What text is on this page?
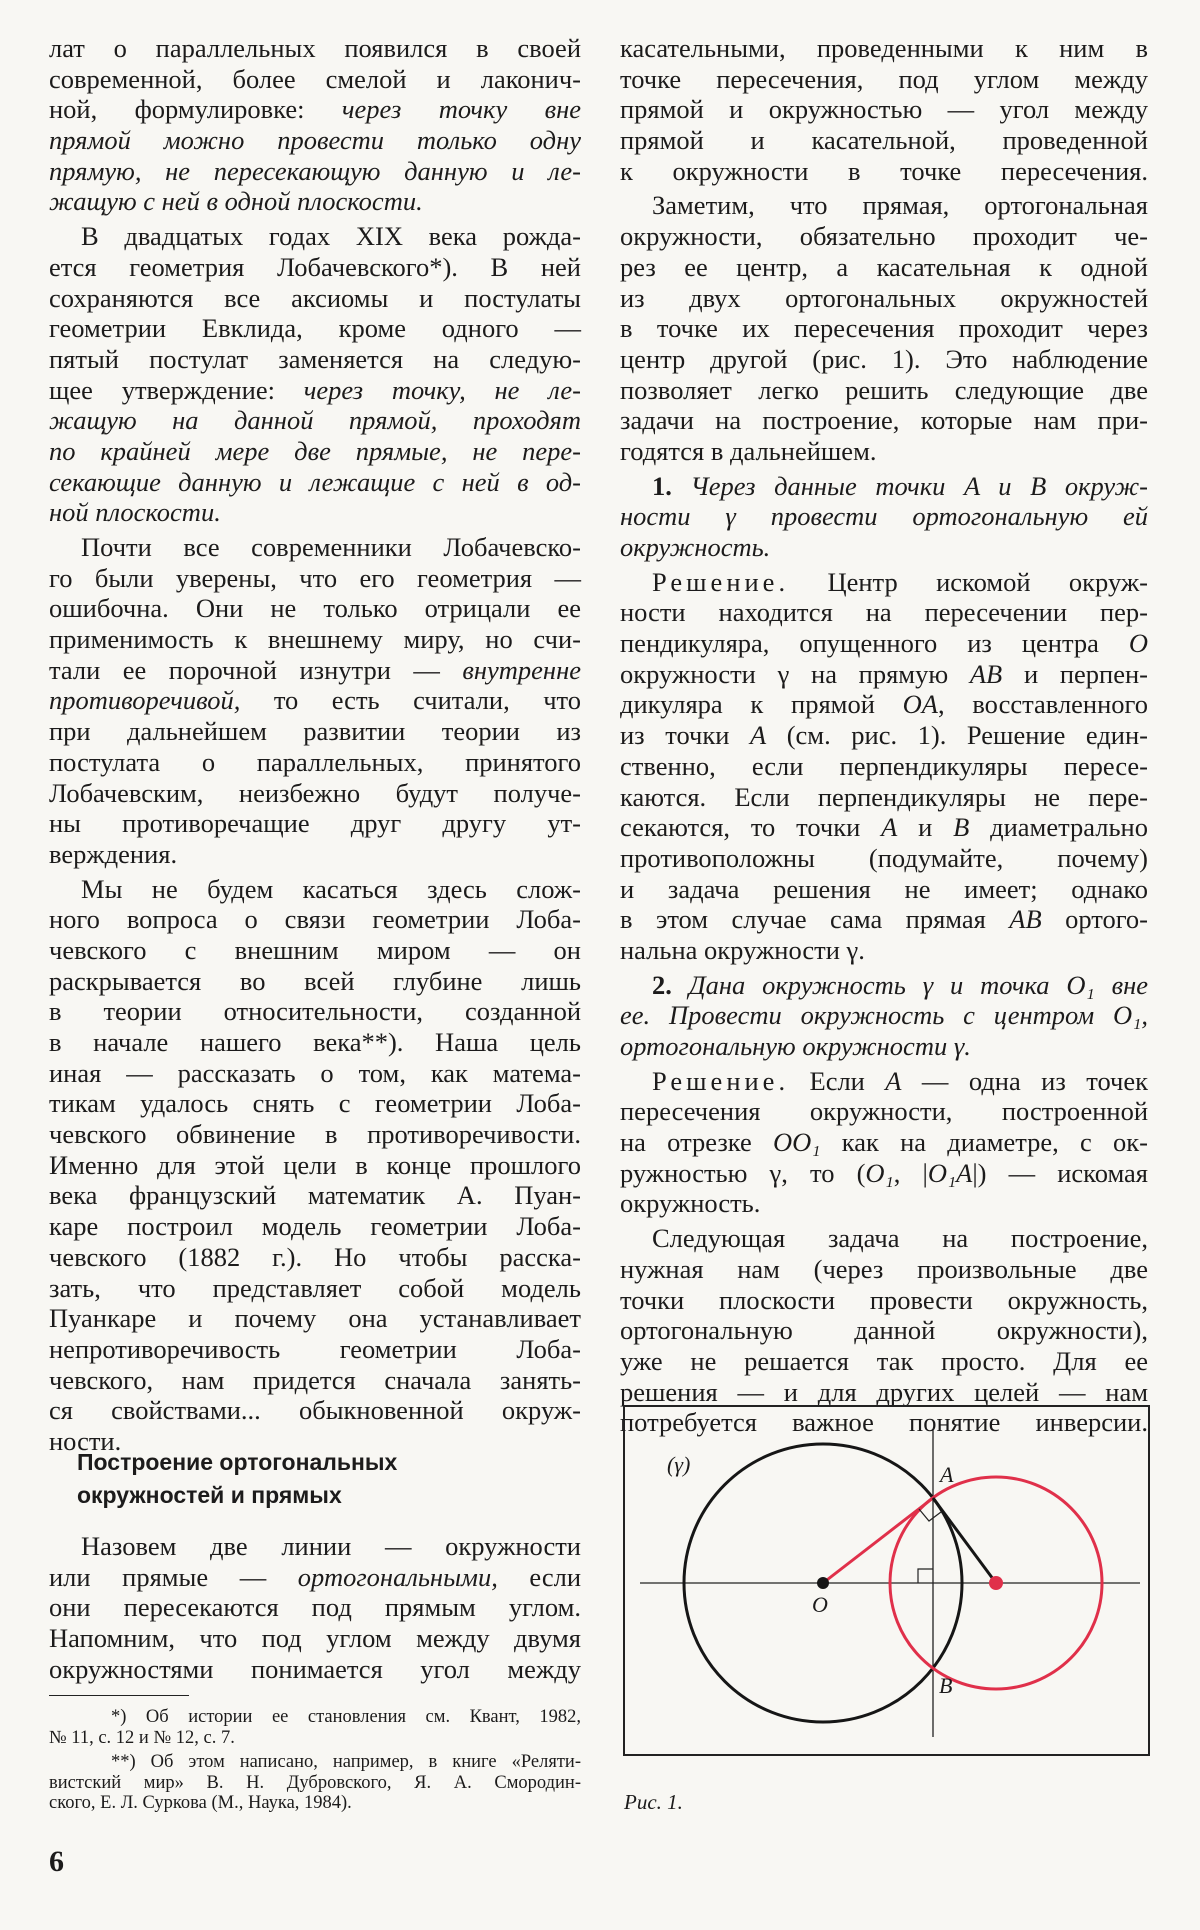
лат о параллельных появился в своей
современной, более смелой и лаконич-
ной, формулировке: через точку вне
прямой можно провести только одну
прямую, не пересекающую данную и ле-
жащую с ней в одной плоскости.
В двадцатых годах XIX века рожда-
ется геометрия Лобачевского*). В ней
сохраняются все аксиомы и постулаты
геометрии Евклида, кроме одного —
пятый постулат заменяется на следую-
щее утверждение: через точку, не ле-
жащую на данной прямой, проходят
по крайней мере две прямые, не пере-
секающие данную и лежащие с ней в од-
ной плоскости.
Почти все современники Лобачевско-
го были уверены, что его геометрия —
ошибочна. Они не только отрицали ее
применимость к внешнему миру, но счи-
тали ее порочной изнутри — внутренне
противоречивой, то есть считали, что
при дальнейшем развитии теории из
постулата о параллельных, принятого
Лобачевским, неизбежно будут получе-
ны противоречащие друг другу ут-
верждения.
Мы не будем касаться здесь слож-
ного вопроса о связи геометрии Лоба-
чевского с внешним миром — он
раскрывается во всей глубине лишь
в теории относительности, созданной
в начале нашего века**). Наша цель
иная — рассказать о том, как матема-
тикам удалось снять с геометрии Лоба-
чевского обвинение в противоречивости.
Именно для этой цели в конце прошлого
века французский математик А. Пуан-
каре построил модель геометрии Лоба-
чевского (1882 г.). Но чтобы расска-
зать, что представляет собой модель
Пуанкаре и почему она устанавливает
непротиворечивость геометрии Лоба-
чевского, нам придется сначала занять-
ся свойствами... обыкновенной окруж-
ности.
Построение ортогональных
окружностей и прямых
Назовем две линии — окружности
или прямые — ортогональными, если
они пересекаются под прямым углом.
Напомним, что под углом между двумя
окружностями понимается угол между
касательными, проведенными к ним в
точке пересечения, под углом между
прямой и окружностью — угол между
прямой и касательной, проведенной
к окружности в точке пересечения.
Заметим, что прямая, ортогональная
окружности, обязательно проходит че-
рез ее центр, а касательная к одной
из двух ортогональных окружностей
в точке их пересечения проходит через
центр другой (рис. 1). Это наблюдение
позволяет легко решить следующие две
задачи на построение, которые нам при-
годятся в дальнейшем.
1. Через данные точки A и B окруж-
ности γ провести ортогональную ей
окружность.
Решение. Центр искомой окруж-
ности находится на пересечении пер-
пендикуляра, опущенного из центра O
окружности γ на прямую AB и перпен-
дикуляра к прямой OA, восставленного
из точки A (см. рис. 1). Решение един-
ственно, если перпендикуляры пересе-
каются. Если перпендикуляры не пере-
секаются, то точки A и B диаметрально
противоположны (подумайте, почему)
и задача решения не имеет; однако
в этом случае сама прямая AB ортого-
нальна окружности γ.
2. Дана окружность γ и точка O₁ вне
ее. Провести окружность с центром O₁,
ортогональную окружности γ.
Решение. Если A — одна из точек
пересечения окружности, построенной
на отрезке OO₁ как на диаметре, с ок-
ружностью γ, то (O₁, |O₁A|) — искомая
окружность.
Следующая задача на построение,
нужная нам (через произвольные две
точки плоскости провести окружность,
ортогональную данной окружности),
уже не решается так просто. Для ее
решения — и для других целей — нам
потребуется важное понятие инверсии.
*) Об истории ее становления см. Квант, 1982,
№ 11, с. 12 и № 12, с. 7.
**) Об этом написано, например, в книге «Реляти-
вистский мир» В. Н. Дубровского, Я. А. Смородин-
ского, Е. Л. Суркова (М., Наука, 1984).
6
(γ)	A
B
O
Рис. 1.
